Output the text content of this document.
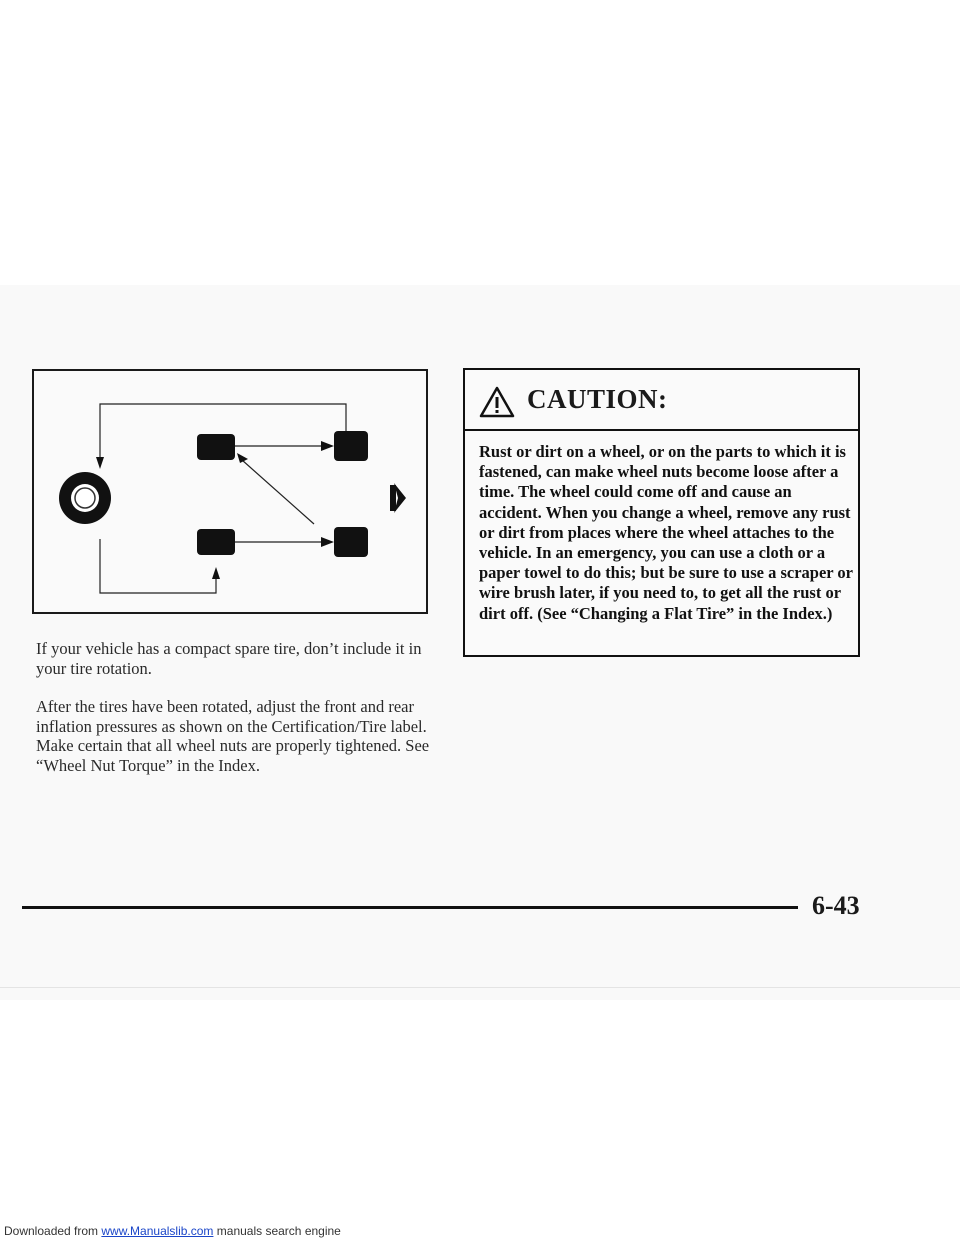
If your vehicle has a compact spare tire, don’t include it in your tire rotation.

After the tires have been rotated, adjust the front and rear inflation pressures as shown on the Certification/Tire label. Make certain that all wheel nuts are properly tightened. See “Wheel Nut Torque” in the Index.

CAUTION:

Rust or dirt on a wheel, or on the parts to which it is fastened, can make wheel nuts become loose after a time. The wheel could come off and cause an accident. When you change a wheel, remove any rust or dirt from places where the wheel attaches to the vehicle. In an emergency, you can use a cloth or a paper towel to do this; but be sure to use a scraper or wire brush later, if you need to, to get all the rust or dirt off. (See “Changing a Flat Tire” in the Index.)

6-43
Downloaded from www.Manualslib.com manuals search engine
